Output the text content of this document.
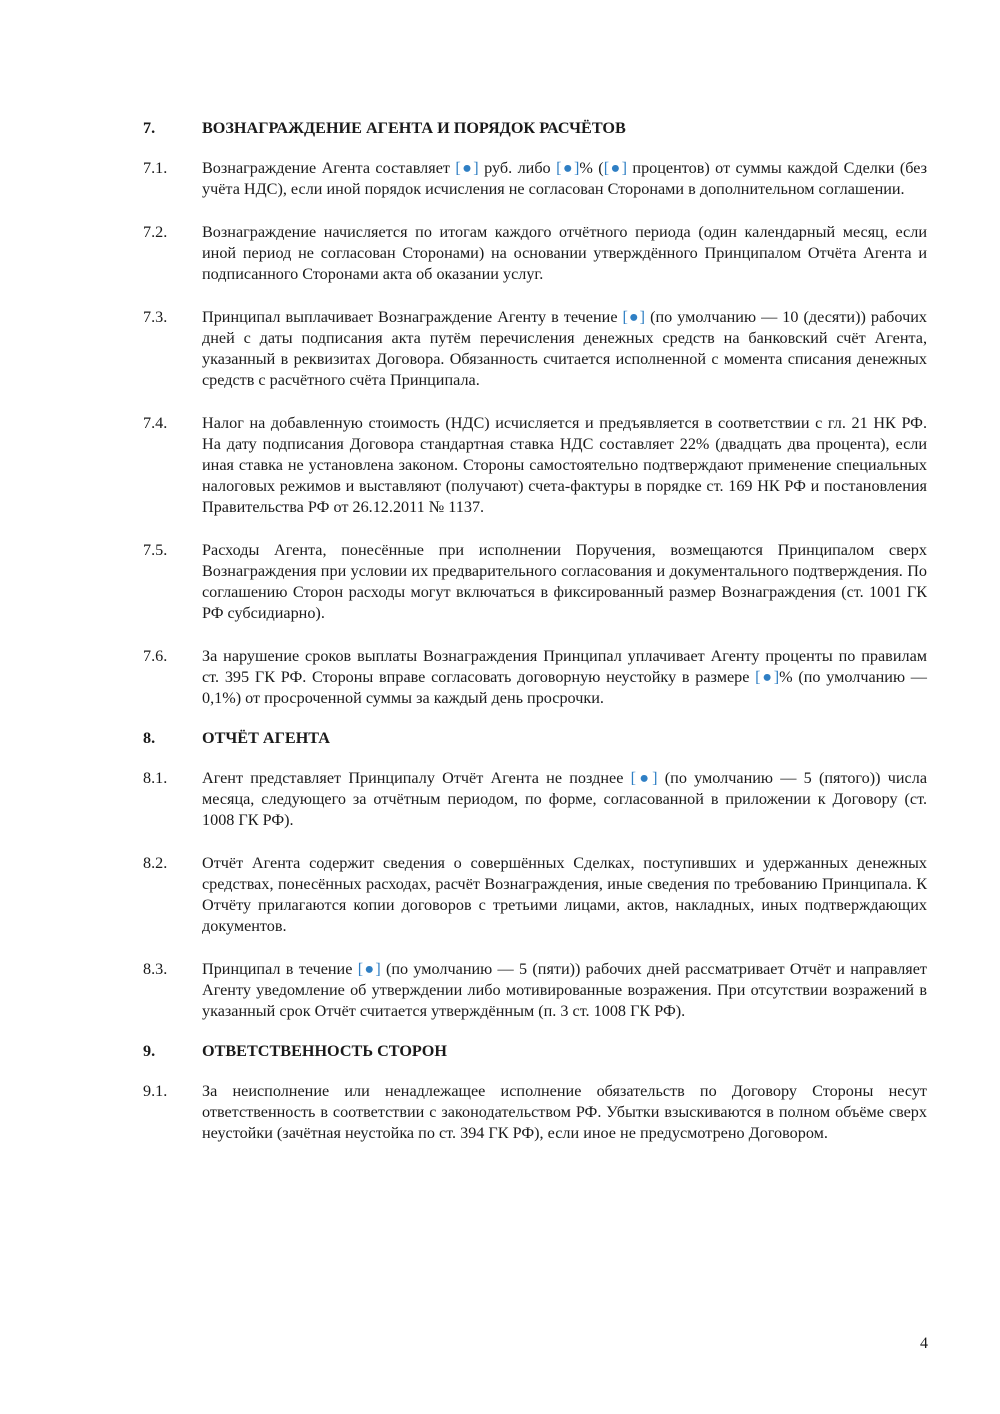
7.	ВОЗНАГРАЖДЕНИЕ АГЕНТА И ПОРЯДОК РАСЧЁТОВ
7.1.	Вознаграждение Агента составляет [●] руб. либо [●]% ([●] процентов) от суммы каждой Сделки (без учёта НДС), если иной порядок исчисления не согласован Сторонами в дополнительном соглашении.
7.2.	Вознаграждение начисляется по итогам каждого отчётного периода (один календарный месяц, если иной период не согласован Сторонами) на основании утверждённого Принципалом Отчёта Агента и подписанного Сторонами акта об оказании услуг.
7.3.	Принципал выплачивает Вознаграждение Агенту в течение [●] (по умолчанию — 10 (десяти)) рабочих дней с даты подписания акта путём перечисления денежных средств на банковский счёт Агента, указанный в реквизитах Договора. Обязанность считается исполненной с момента списания денежных средств с расчётного счёта Принципала.
7.4.	Налог на добавленную стоимость (НДС) исчисляется и предъявляется в соответствии с гл. 21 НК РФ. На дату подписания Договора стандартная ставка НДС составляет 22% (двадцать два процента), если иная ставка не установлена законом. Стороны самостоятельно подтверждают применение специальных налоговых режимов и выставляют (получают) счета-фактуры в порядке ст. 169 НК РФ и постановления Правительства РФ от 26.12.2011 № 1137.
7.5.	Расходы Агента, понесённые при исполнении Поручения, возмещаются Принципалом сверх Вознаграждения при условии их предварительного согласования и документального подтверждения. По соглашению Сторон расходы могут включаться в фиксированный размер Вознаграждения (ст. 1001 ГК РФ субсидиарно).
7.6.	За нарушение сроков выплаты Вознаграждения Принципал уплачивает Агенту проценты по правилам ст. 395 ГК РФ. Стороны вправе согласовать договорную неустойку в размере [●]% (по умолчанию — 0,1%) от просроченной суммы за каждый день просрочки.
8.	ОТЧЁТ АГЕНТА
8.1.	Агент представляет Принципалу Отчёт Агента не позднее [●] (по умолчанию — 5 (пятого)) числа месяца, следующего за отчётным периодом, по форме, согласованной в приложении к Договору (ст. 1008 ГК РФ).
8.2.	Отчёт Агента содержит сведения о совершённых Сделках, поступивших и удержанных денежных средствах, понесённых расходах, расчёт Вознаграждения, иные сведения по требованию Принципала. К Отчёту прилагаются копии договоров с третьими лицами, актов, накладных, иных подтверждающих документов.
8.3.	Принципал в течение [●] (по умолчанию — 5 (пяти)) рабочих дней рассматривает Отчёт и направляет Агенту уведомление об утверждении либо мотивированные возражения. При отсутствии возражений в указанный срок Отчёт считается утверждённым (п. 3 ст. 1008 ГК РФ).
9.	ОТВЕТСТВЕННОСТЬ СТОРОН
9.1.	За неисполнение или ненадлежащее исполнение обязательств по Договору Стороны несут ответственность в соответствии с законодательством РФ. Убытки взыскиваются в полном объёме сверх неустойки (зачётная неустойка по ст. 394 ГК РФ), если иное не предусмотрено Договором.
4
